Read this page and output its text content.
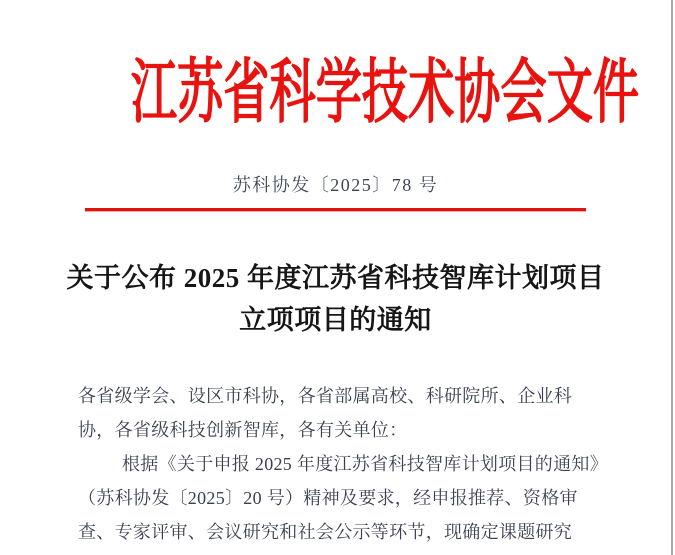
江苏省科学技术协会文件
苏科协发〔2025〕78 号
关于公布 2025 年度江苏省科技智库计划项目
立项项目的通知
各省级学会、设区市科协，各省部属高校、科研院所、企业科
协，各省级科技创新智库，各有关单位：
根据《关于申报 2025 年度江苏省科技智库计划项目的通知》
（苏科协发〔2025〕20 号）精神及要求，经申报推荐、资格审
查、专家评审、会议研究和社会公示等环节，现确定课题研究
